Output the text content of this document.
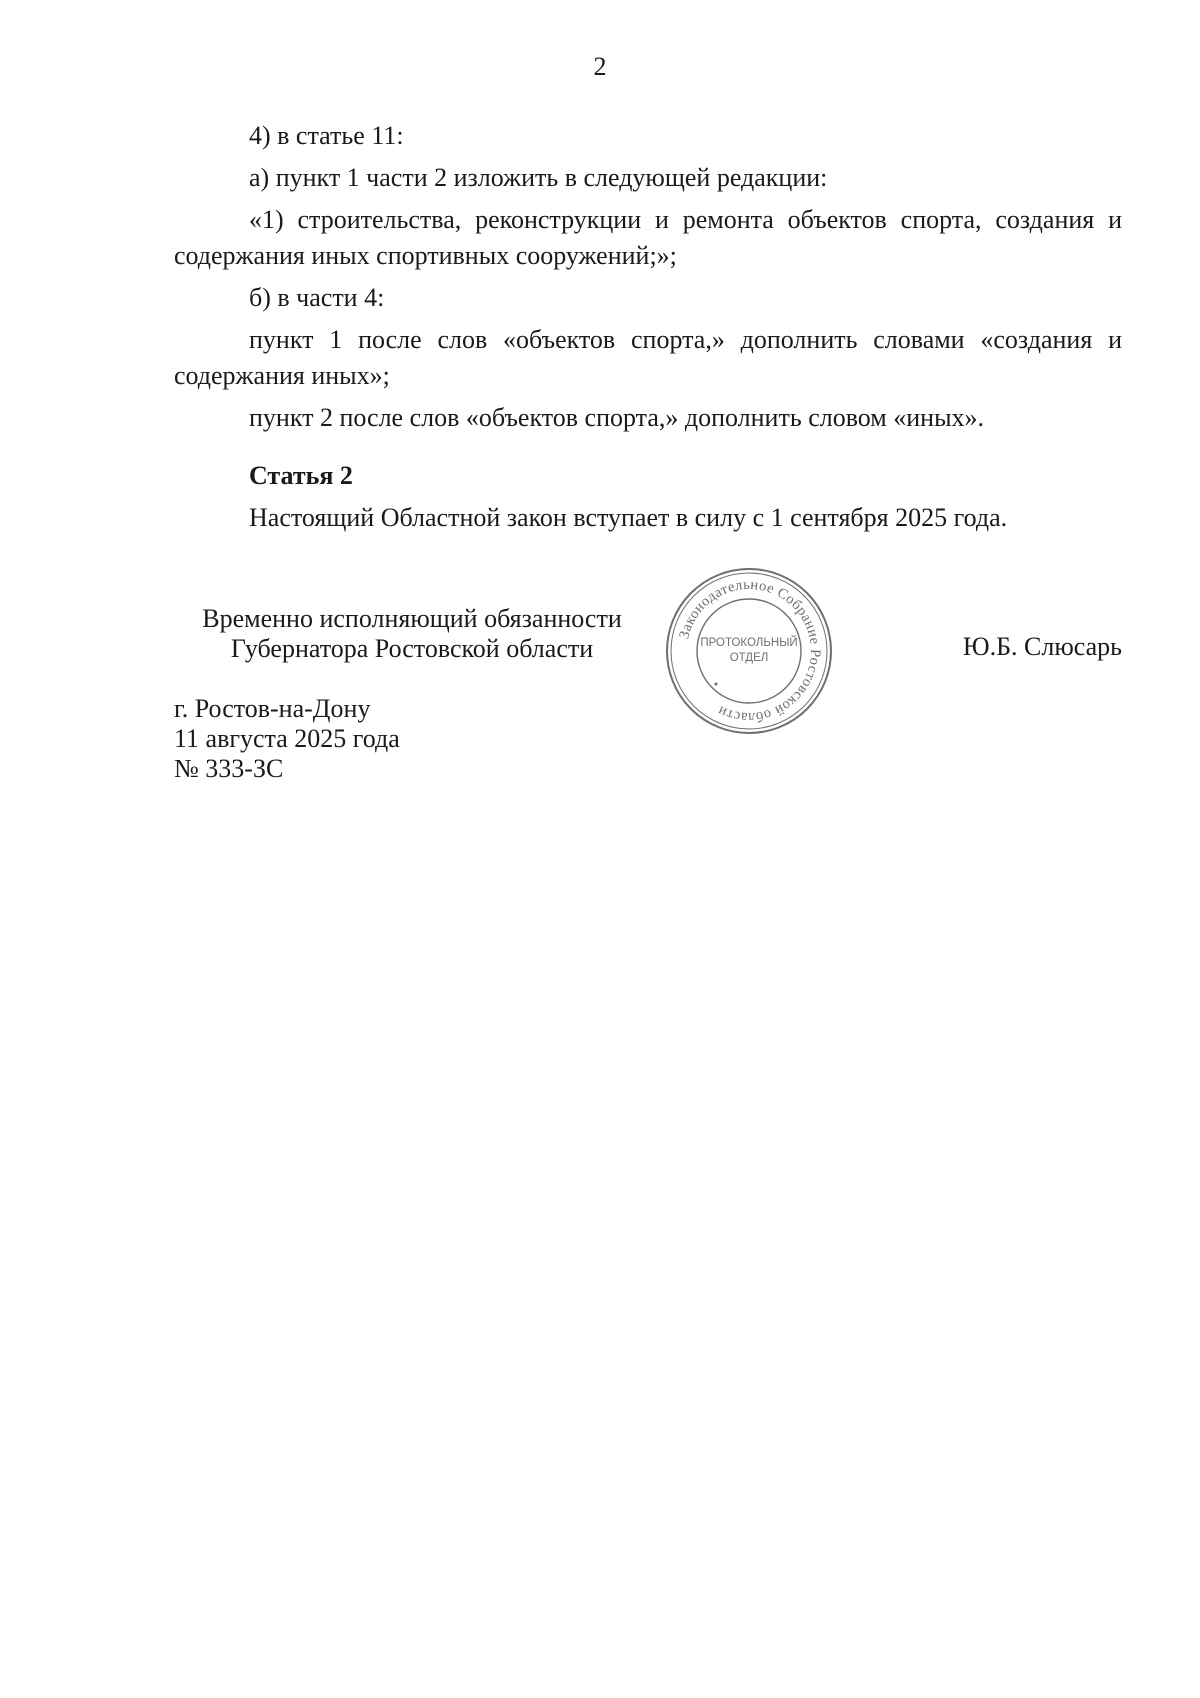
2

4) в статье 11:

а) пункт 1 части 2 изложить в следующей редакции:

«1) строительства, реконструкции и ремонта объектов спорта, создания и содержания иных спортивных сооружений;»;

б) в части 4:

пункт 1 после слов «объектов спорта,» дополнить словами «создания и содержания иных»;

пункт 2 после слов «объектов спорта,» дополнить словом «иных».

Статья 2

Настоящий Областной закон вступает в силу с 1 сентября 2025 года.

Временно исполняющий обязанности
Губернатора Ростовской области	Законодательное Собрание Ростовской области
ПРОТОКОЛЬНЫЙ
ОТДЕЛ	Ю.Б. Слюсарь
г. Ростов-на-Дону
11 августа 2025 года
№ 333-ЗС
